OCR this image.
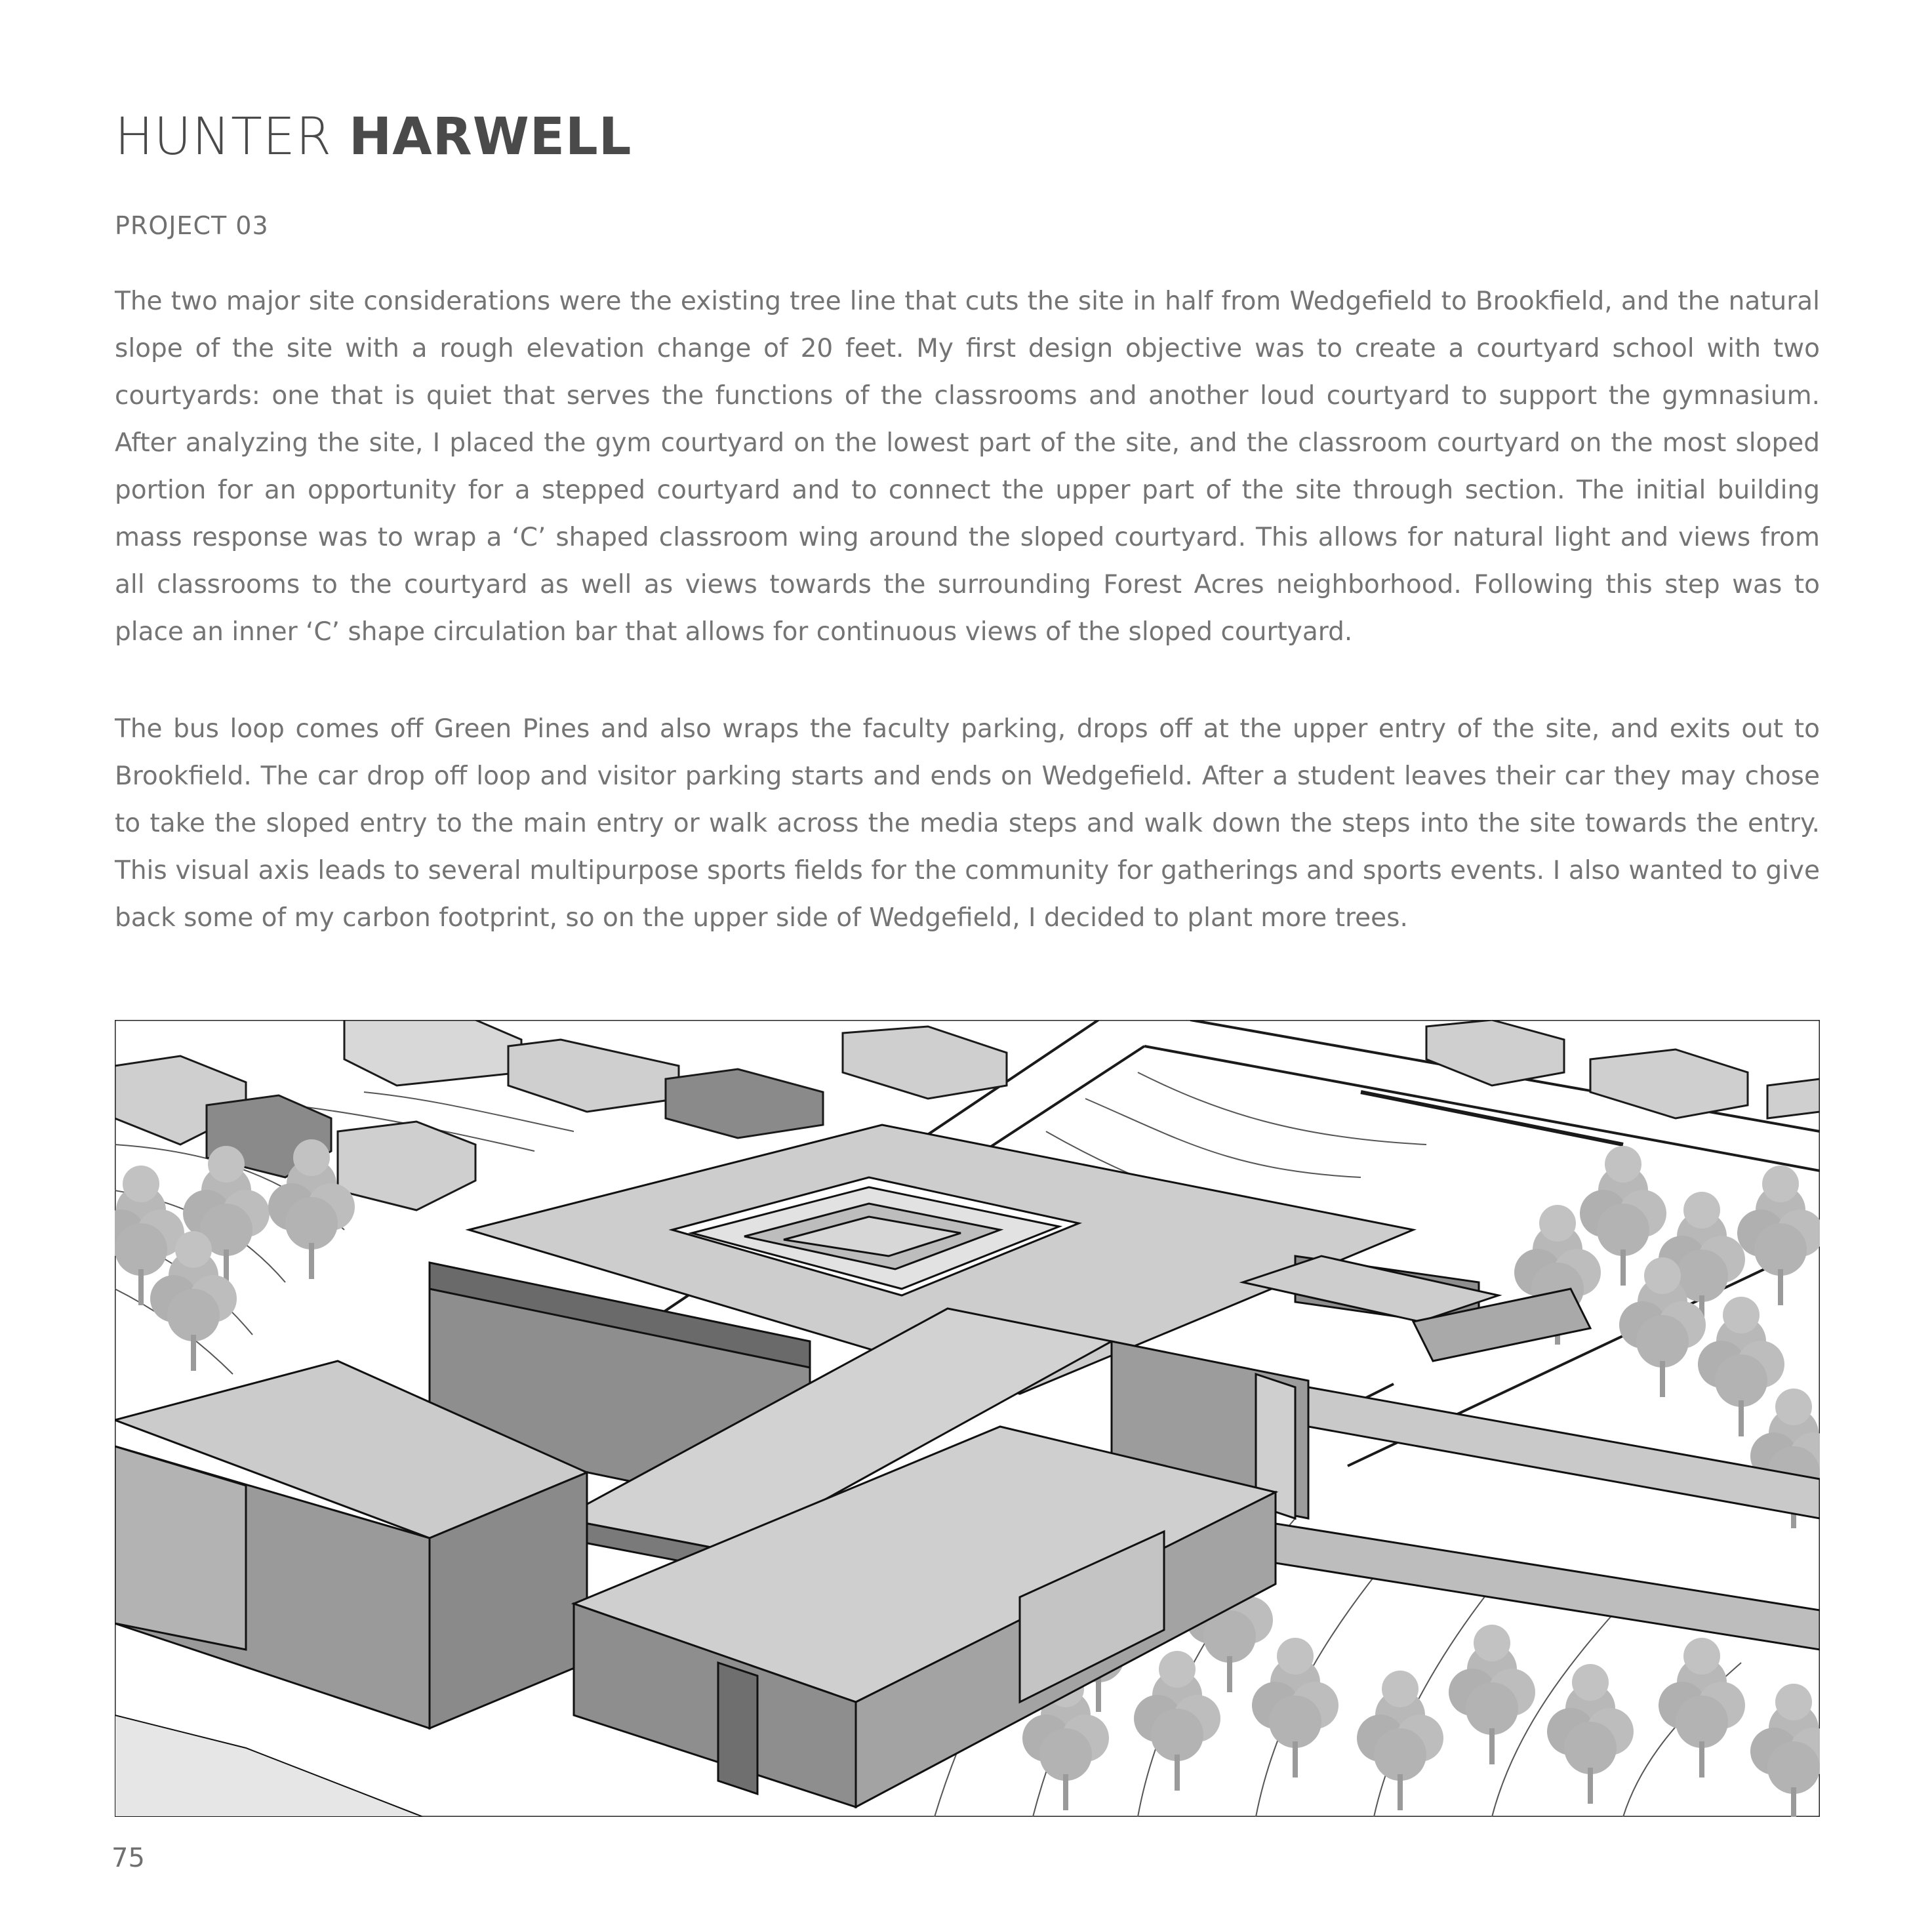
HUNTER HARWELL
PROJECT 03

The two major site considerations were the existing tree line that cuts the site in half from Wedgefield to Brookfield, and the natural slope of the site with a rough elevation change of 20 feet. My first design objective was to create a courtyard school with two courtyards: one that is quiet that serves the functions of the classrooms and another loud courtyard to support the gymnasium. After analyzing the site, I placed the gym courtyard on the lowest part of the site, and the classroom courtyard on the most sloped portion for an opportunity for a stepped courtyard and to connect the upper part of the site through section. The initial building mass response was to wrap a ‘C’ shaped classroom wing around the sloped courtyard. This allows for natural light and views from all classrooms to the courtyard as well as views towards the surrounding Forest Acres neighborhood. Following this step was to place an inner ‘C’ shape circulation bar that allows for continuous views of the sloped courtyard.

The bus loop comes off Green Pines and also wraps the faculty parking, drops off at the upper entry of the site, and exits out to Brookfield. The car drop off loop and visitor parking starts and ends on Wedgefield. After a student leaves their car they may chose to take the sloped entry to the main entry or walk across the media steps and walk down the steps into the site towards the entry. This visual axis leads to several multipurpose sports fields for the community for gatherings and sports events. I also wanted to give back some of my carbon footprint, so on the upper side of Wedgefield, I decided to plant more trees.

75
